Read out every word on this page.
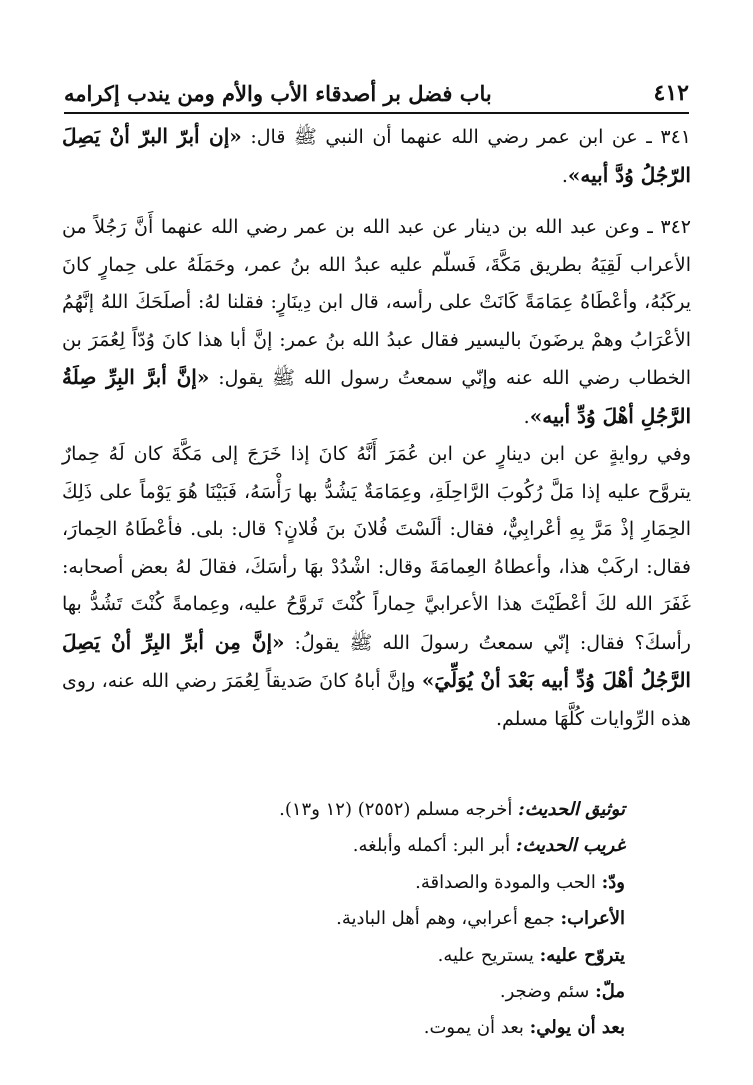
٤١٢
باب فضل بر أصدقاء الأب والأم ومن يندب إكرامه

٣٤١ ـ عن ابن عمر رضي الله عنهما أن النبي ﷺ قال: «إن أبرّ البرّ أنْ يَصِلَ الرّجُلُ وُدَّ أبيه».

٣٤٢ ـ وعن عبد الله بن دينار عن عبد الله بن عمر رضي الله عنهما أَنَّ رَجُلاً من الأعراب لَقِيَهُ بطريق مَكَّةَ، فَسلّم عليه عبدُ الله بنُ عمر، وحَمَلَهُ على حِمارٍ كانَ يركَبُهُ، وأعْطَاهُ عِمَامَةً كَانَتْ على رأسه، قال ابن دِينَارٍ: فقلنا لهُ: أصلَحَكَ اللهُ إنَّهُمُ الأعْرَابُ وهمْ يرضَونَ باليسير فقال عبدُ الله بنُ عمر: إنَّ أبا هذا كانَ وُدّاً لِعُمَرَ بن الخطاب رضي الله عنه وإنّي سمعتُ رسول الله ﷺ يقول: «إنَّ أبرَّ البِرِّ صِلَةُ الرَّجُلِ أهْلَ وُدِّ أبيه».

وفي روايةٍ عن ابن دينارٍ عن ابن عُمَرَ أَنَّهُ كانَ إذا خَرَجَ إلى مَكَّةَ كان لَهُ حِمارٌ يتروَّح عليه إذا مَلَّ رُكُوبَ الرَّاحِلَةِ، وعِمَامَةٌ يَشُدُّ بها رَأْسَهُ، فَبَيْنَا هُوَ يَوْماً على ذَلِكَ الحِمَارِ إذْ مَرَّ بِهِ أعْرابِيٌّ، فقال: ألَسْتَ فُلانَ بنَ فُلانٍ؟ قال: بلى. فأعْطَاهُ الحِمارَ، فقال: اركَبْ هذا، وأعطاهُ العِمامَةَ وقال: اشْدُدْ بهَا رأسَكَ، فقالَ لهُ بعض أصحابه: غَفَرَ الله لكَ أعْطَيْتَ هذا الأعرابيَّ حِماراً كُنْتَ تَروَّحُ عليه، وعِمامةً كُنْتَ تَشُدُّ بها رأسكَ؟ فقال: إنّي سمعتُ رسولَ الله ﷺ يقولُ: «إنَّ مِن أبرِّ البِرِّ أنْ يَصِلَ الرَّجُلُ أهْلَ وُدِّ أبيه بَعْدَ أنْ يُوَلِّيَ» وإنَّ أباهُ كانَ صَديقاً لِعُمَرَ رضي الله عنه، روى هذه الرِّوايات كُلَّهَا مسلم.

توثيق الحديث: أخرجه مسلم (٢٥٥٢) (١٢ و١٣).
غريب الحديث: أبر البر: أكمله وأبلغه.
ودّ: الحب والمودة والصداقة.
الأعراب: جمع أعرابي، وهم أهل البادية.
يتروّح عليه: يستريح عليه.
ملّ: سئم وضجر.
بعد أن يولي: بعد أن يموت.
